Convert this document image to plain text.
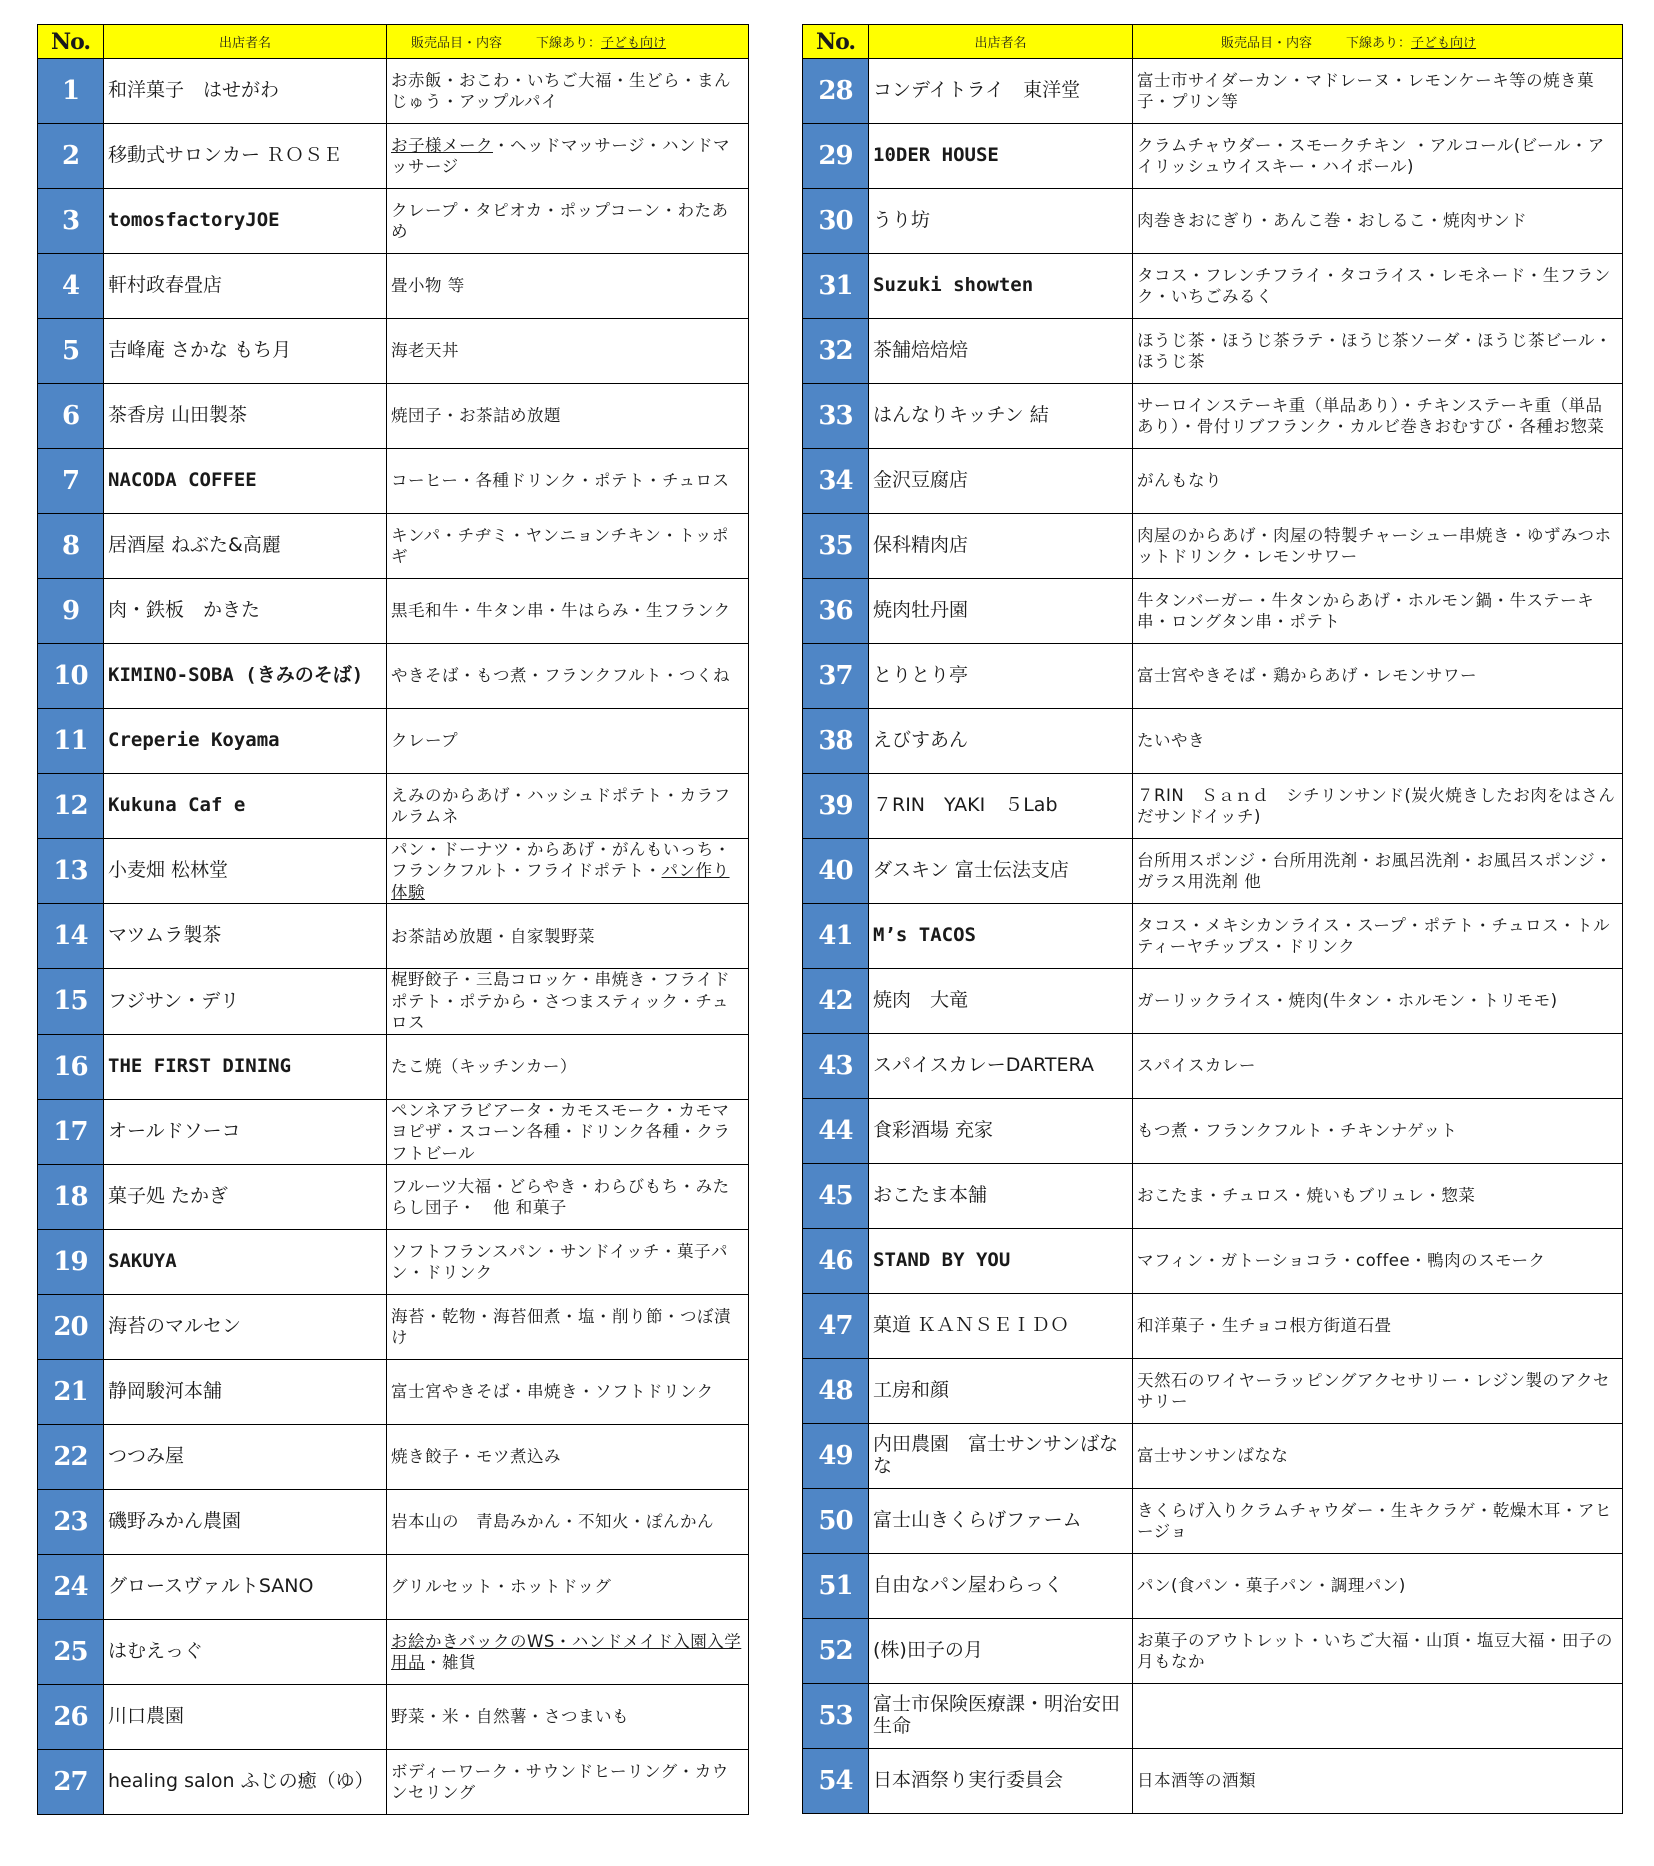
No.	出店者名	販売品目・内容 下線あり：子ども向け
1	和洋菓子　はせがわ	お赤飯・おこわ・いちご大福・生どら・まんじゅう・アップルパイ
2	移動式サロンカー ＲＯＳＥ	お子様メーク・ヘッドマッサージ・ハンドマッサージ
3	tomosfactoryJOE	クレープ・タピオカ・ポップコーン・わたあめ
4	軒村政春畳店	畳小物 等
5	吉峰庵 さかな もち月	海老天丼
6	茶香房 山田製茶	焼団子・お茶詰め放題
7	NACODA COFFEE	コーヒー・各種ドリンク・ポテト・チュロス
8	居酒屋 ねぶた&高麗	キンパ・チヂミ・ヤンニョンチキン・トッポギ
9	肉・鉄板　かきた	黒毛和牛・牛タン串・牛はらみ・生フランク
10	KIMINO-SOBA (きみのそば)	やきそば・もつ煮・フランクフルト・つくね
11	Creperie Koyama	クレープ
12	Kukuna Caf e	えみのからあげ・ハッシュドポテト・カラフルラムネ
13	小麦畑 松林堂	パン・ドーナツ・からあげ・がんもいっち・フランクフルト・フライドポテト・パン作り体験
14	マツムラ製茶	お茶詰め放題・自家製野菜
15	フジサン・デリ	梶野餃子・三島コロッケ・串焼き・フライドポテト・ポテから・さつまスティック・チュロス
16	THE FIRST DINING	たこ焼（キッチンカー）
17	オールドソーコ	ペンネアラビアータ・カモスモーク・カモマヨピザ・スコーン各種・ドリンク各種・クラフトビール
18	菓子処 たかぎ	フルーツ大福・どらやき・わらびもち・みたらし団子・　他 和菓子
19	SAKUYA	ソフトフランスパン・サンドイッチ・菓子パン・ドリンク
20	海苔のマルセン	海苔・乾物・海苔佃煮・塩・削り節・つぼ漬け
21	静岡駿河本舗	富士宮やきそば・串焼き・ソフトドリンク
22	つつみ屋	焼き餃子・モツ煮込み
23	磯野みかん農園	岩本山の　青島みかん・不知火・ぽんかん
24	グロースヴァルトSANO	グリルセット・ホットドッグ
25	はむえっぐ	お絵かきバックのWS・ハンドメイド入園入学用品・雑貨
26	川口農園	野菜・米・自然薯・さつまいも
27	healing salon ふじの癒（ゆ）	ボディーワーク・サウンドヒーリング・カウンセリング
No.	出店者名	販売品目・内容 下線あり：子ども向け
28	コンデイトライ　東洋堂	富士市サイダーカン・マドレーヌ・レモンケーキ等の焼き菓子・プリン等
29	10DER HOUSE	クラムチャウダー・スモークチキン ・アルコール(ビール・アイリッシュウイスキー・ハイボール)
30	うり坊	肉巻きおにぎり・あんこ巻・おしるこ・焼肉サンド
31	Suzuki showten	タコス・フレンチフライ・タコライス・レモネード・生フランク・いちごみるく
32	茶舗焙焙焙	ほうじ茶・ほうじ茶ラテ・ほうじ茶ソーダ・ほうじ茶ビール・ほうじ茶
33	はんなりキッチン 結	サーロインステーキ重（単品あり）・チキンステーキ重（単品あり）・骨付リブフランク・カルビ巻きおむすび・各種お惣菜
34	金沢豆腐店	がんもなり
35	保科精肉店	肉屋のからあげ・肉屋の特製チャーシュー串焼き・ゆずみつホットドリンク・レモンサワー
36	焼肉牡丹園	牛タンバーガー・牛タンからあげ・ホルモン鍋・牛ステーキ串・ロングタン串・ポテト
37	とりとり亭	富士宮やきそば・鶏からあげ・レモンサワー
38	えびすあん	たいやき
39	７RIN　YAKI　５Lab	７RIN　Ｓａｎｄ　シチリンサンド(炭火焼きしたお肉をはさんだサンドイッチ)
40	ダスキン 富士伝法支店	台所用スポンジ・台所用洗剤・お風呂洗剤・お風呂スポンジ・ガラス用洗剤 他
41	M’s TACOS	タコス・メキシカンライス・スープ・ポテト・チュロス・トルティーヤチップス・ドリンク
42	焼肉　大竜	ガーリックライス・焼肉(牛タン・ホルモン・トリモモ)
43	スパイスカレーDARTERA	スパイスカレー
44	食彩酒場 充家	もつ煮・フランクフルト・チキンナゲット
45	おこたま本舗	おこたま・チュロス・焼いもブリュレ・惣菜
46	STAND BY YOU	マフィン・ガトーショコラ・coffee・鴨肉のスモーク
47	菓道 ＫＡＮＳＥＩＤＯ	和洋菓子・生チョコ根方街道石畳
48	工房和顔	天然石のワイヤーラッピングアクセサリー・レジン製のアクセサリー
49	内田農園　富士サンサンばなな	富士サンサンばなな
50	富士山きくらげファーム	きくらげ入りクラムチャウダー・生キクラゲ・乾燥木耳・アヒージョ
51	自由なパン屋わらっく	パン(食パン・菓子パン・調理パン)
52	(株)田子の月	お菓子のアウトレット・いちご大福・山頂・塩豆大福・田子の月もなか
53	富士市保険医療課・明治安田生命	
54	日本酒祭り実行委員会	日本酒等の酒類
